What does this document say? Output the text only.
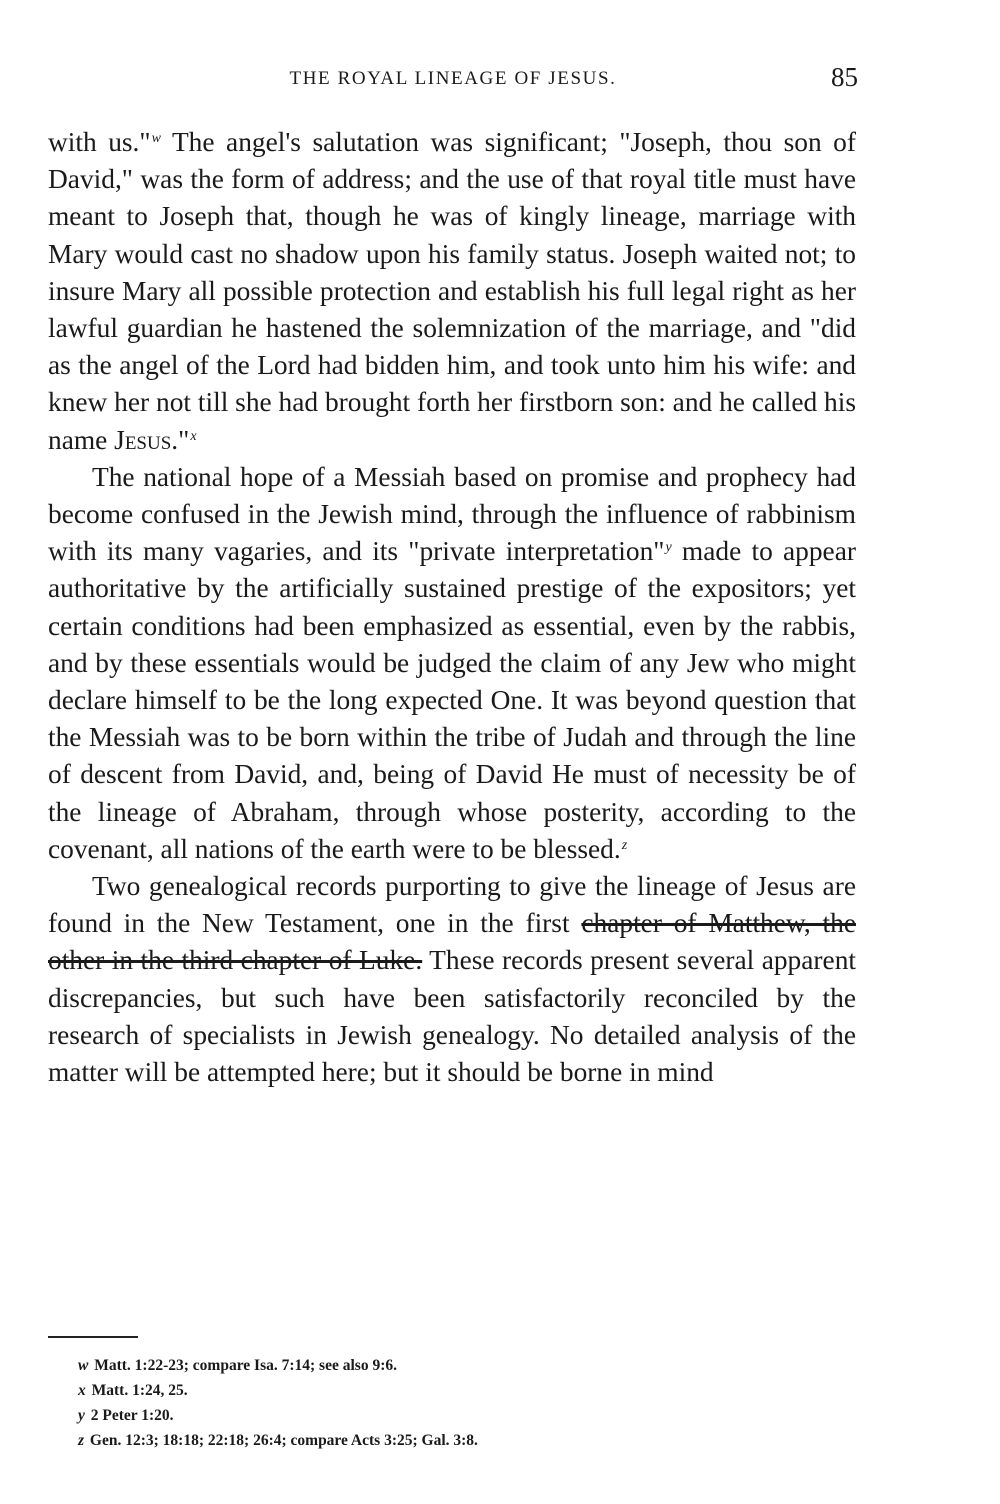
THE ROYAL LINEAGE OF JESUS.	85

with us."$^w$ The angel's salutation was significant; "Joseph, thou son of David," was the form of address; and the use of that royal title must have meant to Joseph that, though he was of kingly lineage, marriage with Mary would cast no shadow upon his family status. Joseph waited not; to insure Mary all possible protection and establish his full legal right as her lawful guardian he hastened the solemnization of the marriage, and "did as the angel of the Lord had bidden him, and took unto him his wife: and knew her not till she had brought forth her firstborn son: and he called his name Jesus."$^x$

The national hope of a Messiah based on promise and prophecy had become confused in the Jewish mind, through the influence of rabbinism with its many vagaries, and its "private interpretation"$^y$ made to appear authoritative by the artificially sustained prestige of the expositors; yet certain conditions had been emphasized as essential, even by the rabbis, and by these essentials would be judged the claim of any Jew who might declare himself to be the long expected One. It was beyond question that the Messiah was to be born within the tribe of Judah and through the line of descent from David, and, being of David He must of necessity be of the lineage of Abraham, through whose posterity, according to the covenant, all nations of the earth were to be blessed.$^z$

Two genealogical records purporting to give the lineage of Jesus are found in the New Testament, one in the first chapter of Matthew, the other in the third chapter of Luke. These records present several apparent discrepancies, but such have been satisfactorily reconciled by the research of specialists in Jewish genealogy. No detailed analysis of the matter will be attempted here; but it should be borne in mind

w Matt. 1:22-23; compare Isa. 7:14; see also 9:6.
x Matt. 1:24, 25.
y 2 Peter 1:20.
z Gen. 12:3; 18:18; 22:18; 26:4; compare Acts 3:25; Gal. 3:8.
